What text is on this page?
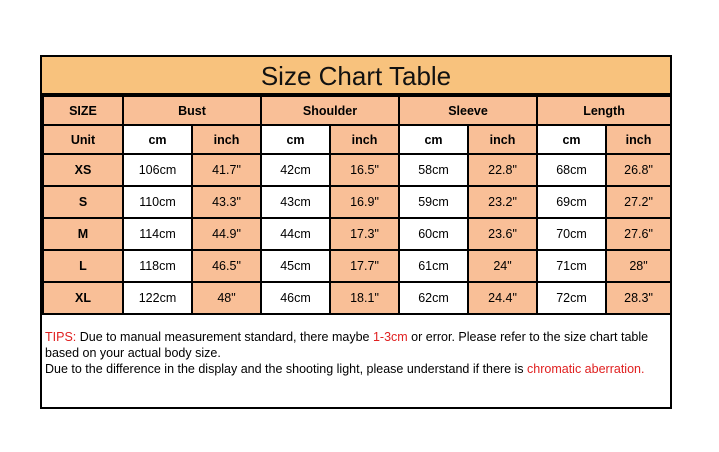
Size Chart Table
SIZE	Bust		Shoulder		Sleeve		Length	
Unit	cm	inch	cm	inch	cm	inch	cm	inch
XS	106cm	41.7"	42cm	16.5"	58cm	22.8"	68cm	26.8"
S	110cm	43.3"	43cm	16.9"	59cm	23.2"	69cm	27.2"
M	114cm	44.9"	44cm	17.3"	60cm	23.6"	70cm	27.6"
L	118cm	46.5"	45cm	17.7"	61cm	24"	71cm	28"
XL	122cm	48"	46cm	18.1"	62cm	24.4"	72cm	28.3"
TIPS: Due to manual measurement standard, there maybe 1-3cm or error. Please refer to the size chart table based on your actual body size.
Due to the difference in the display and the shooting light, please understand if there is chromatic aberration.
